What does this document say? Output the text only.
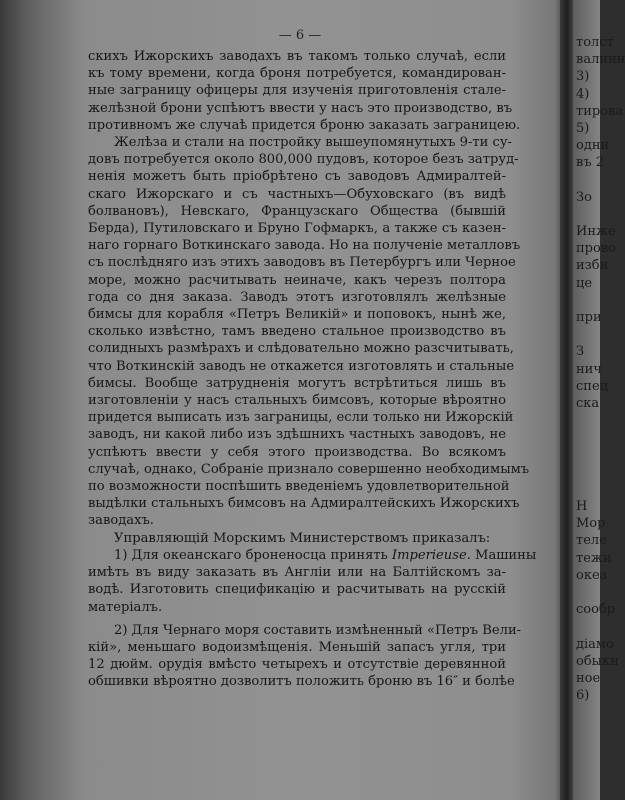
— 6 —
скихъ Ижорскихъ заводахъ въ такомъ только случаѣ, если
къ тому времени, когда броня потребуется, командирован-
ные заграницу офицеры для изученія приготовленія сталe-
желѣзной брони успѣютъ ввести у насъ это производство, въ
противномъ же случаѣ придется броню заказать заграницею.
Желѣза и стали на постройку вышеупомянутыхъ 9-ти су-
довъ потребуется около 800,000 пудовъ, которое безъ затруд-
ненія можетъ быть пріобрѣтено съ заводовъ Адмиралтей-
скаго Ижорскаго и съ частныхъ—Обуховскаго (въ видѣ
болвановъ), Невскаго, Французскаго Общества (бывшій
Берда), Путиловскаго и Бруно Гофмаркъ, а также съ казен-
наго горнаго Воткинскаго завода. Но на полученіе металловъ
съ послѣдняго изъ этихъ заводовъ въ Петербургъ или Черное
море, можно расчитывать неиначе, какъ черезъ полтора
года со дня заказа. Заводъ этотъ изготовлялъ желѣзные
бимсы для корабля «Петръ Великій» и поповокъ, нынѣ же,
сколько извѣстно, тамъ введено стальное производство въ
солидныхъ размѣрахъ и слѣдовательно можно разсчитывать,
что Воткинскій заводъ не откажется изготовлять и стальные
бимсы. Вообще затрудненія могутъ встрѣтиться лишь въ
изготовленіи у насъ стальныхъ бимсовъ, которые вѣроятно
придется выписать изъ заграницы, если только ни Ижорскій
заводъ, ни какой либо изъ здѣшнихъ частныхъ заводовъ, не
успѣютъ ввести у себя этого производства. Во всякомъ
случаѣ, однако, Собраніе признало совершенно необходимымъ
по возможности поспѣшить введеніемъ удовлетворительной
выдѣлки стальныхъ бимсовъ на Адмиралтейскихъ Ижорскихъ
заводахъ.
Управляющій Морскимъ Министерствомъ приказалъ:
1) Для океанскаго броненосца принять Imperieuse. Машины
имѣть въ виду заказать въ Англіи или на Балтійскомъ за-
водѣ. Изготовить спецификацію и расчитывать на русскій
матеріалъ.
2) Для Чернаго моря составить измѣненный «Петръ Вели-
кій», меньшаго водоизмѣщенія. Меньшій запасъ угля, три
12 дюйм. орудія вмѣсто четырехъ и отсутствіе деревянной
обшивки вѣроятно дозволитъ положить броню въ 16″ и болѣе
толст
валинн
3)
4)
тирова
5)
одни
въ 2
Зо
Инже
прово
изби
це
при
З
нич
спец
ска
Н
Мор
теле
тежи
океа
сообр
діамо
обыкн
ное
6)
